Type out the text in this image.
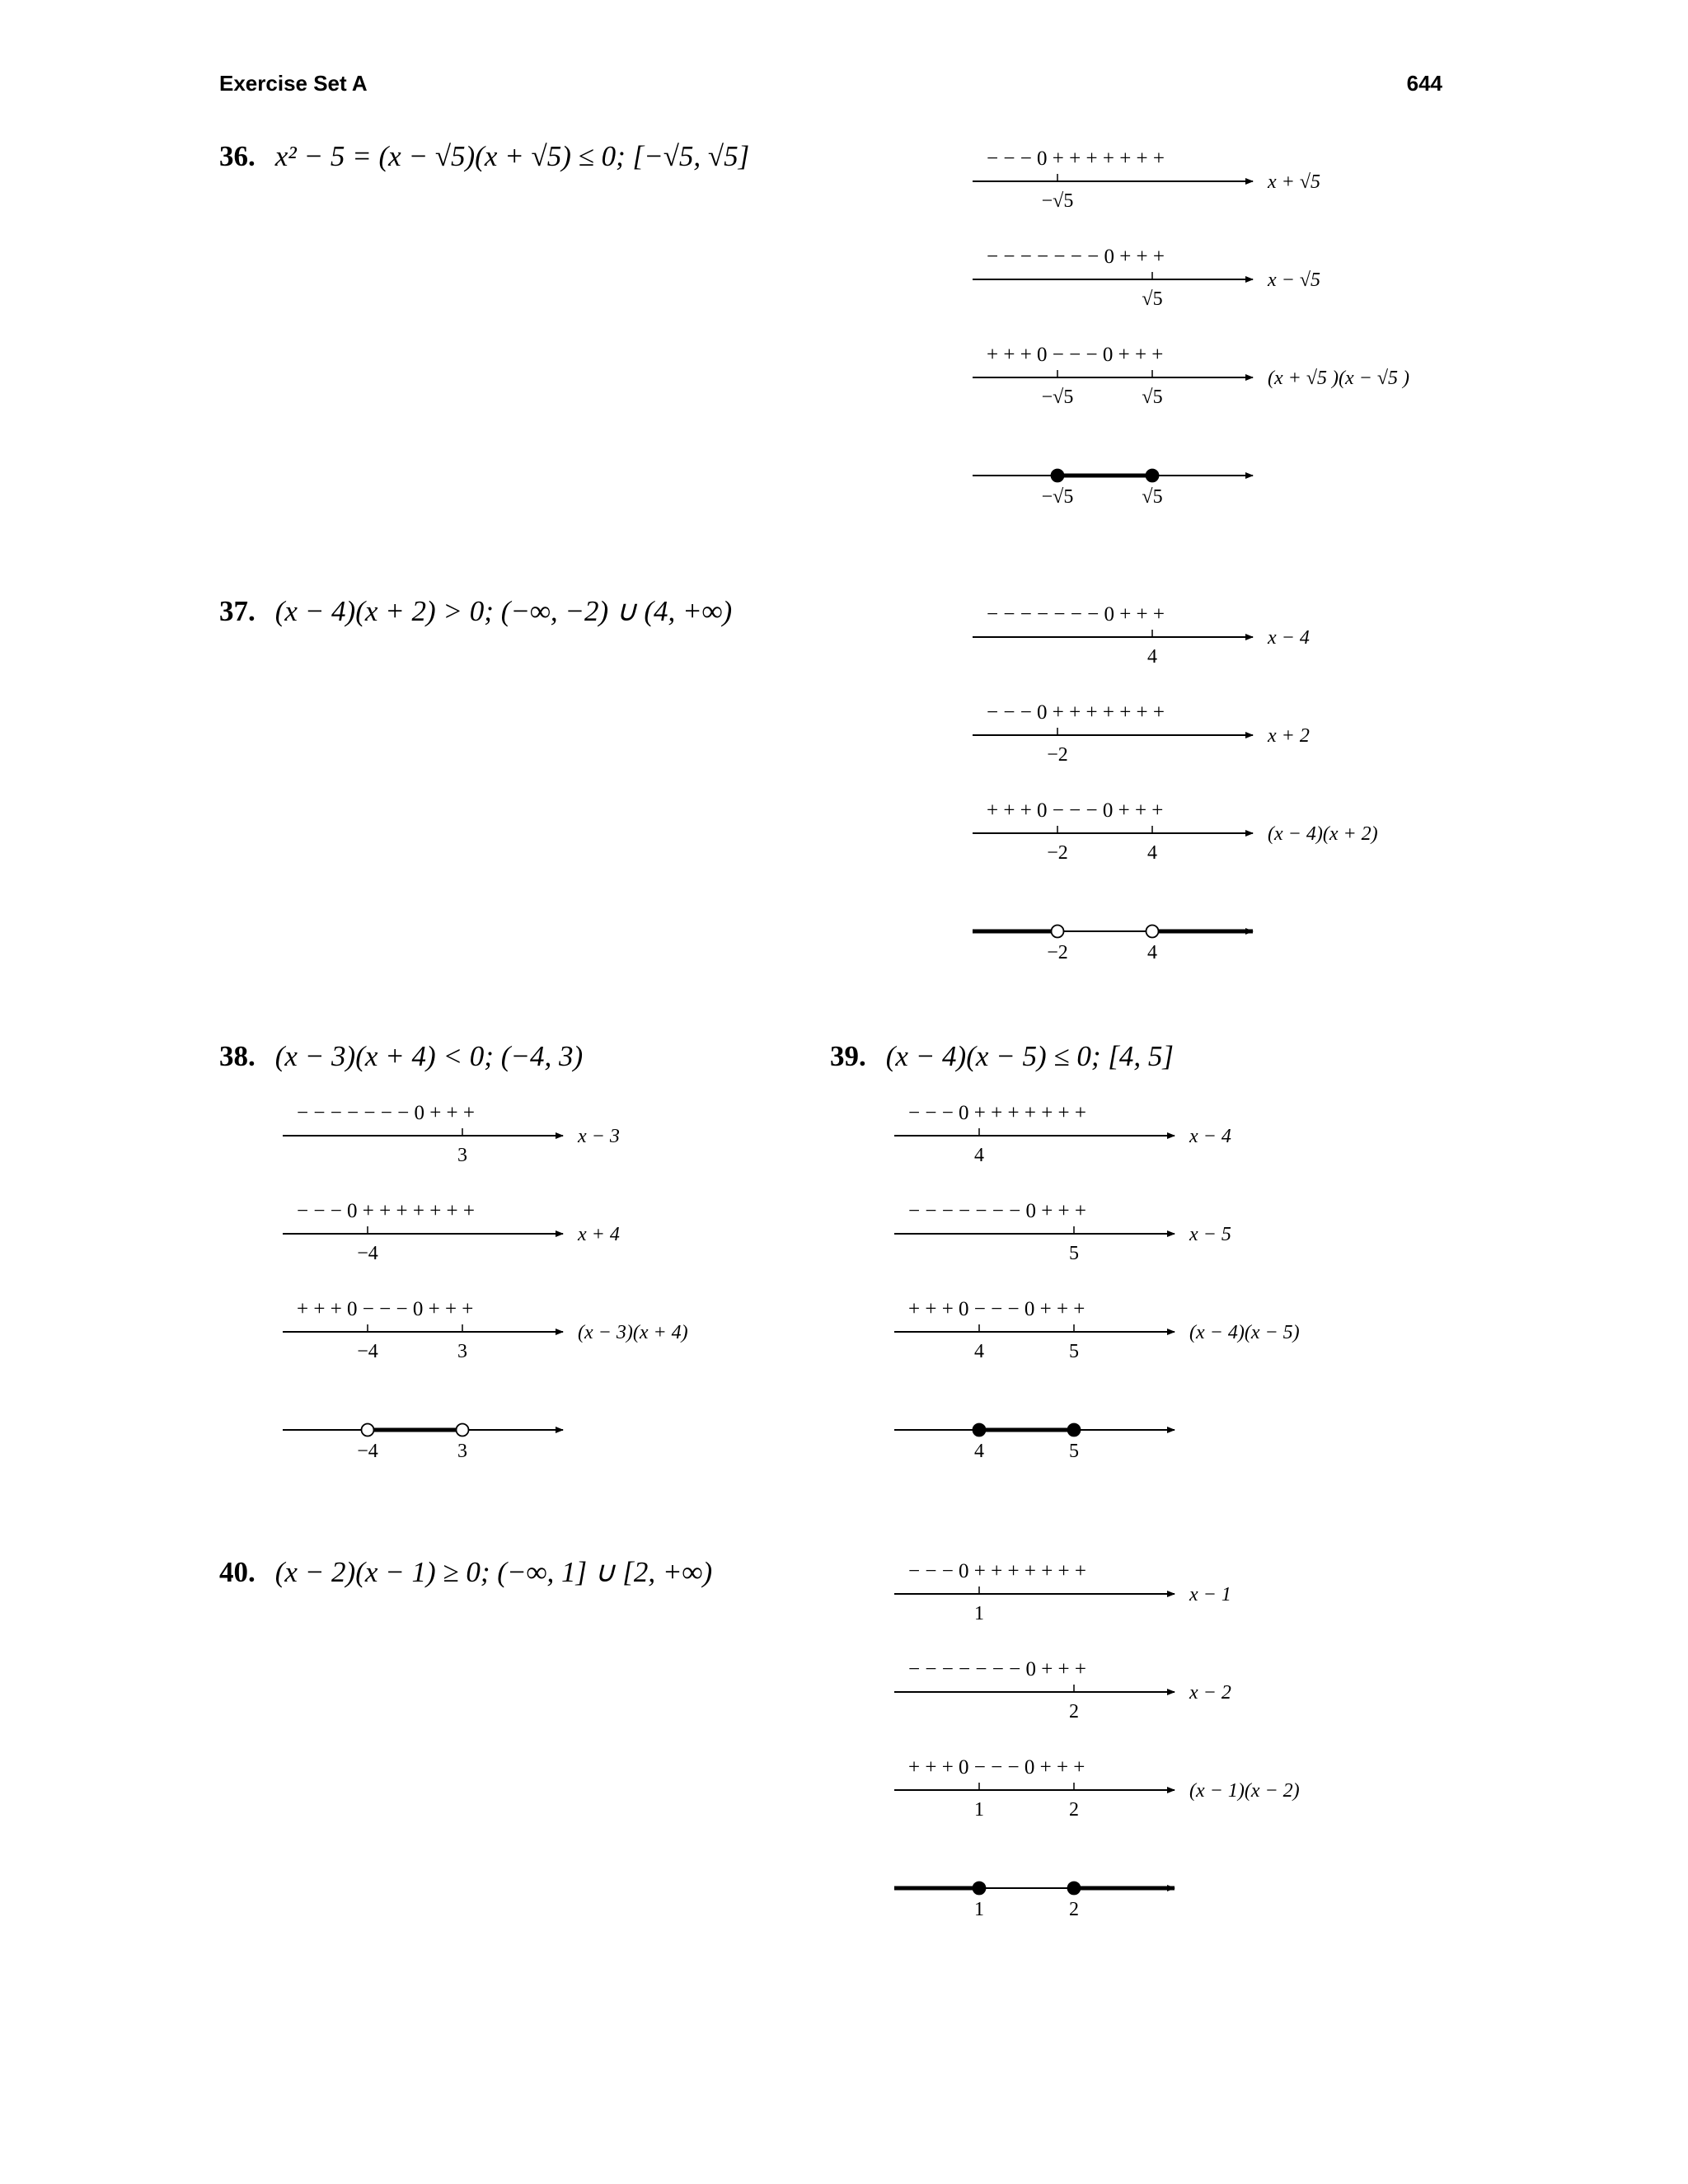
Exercise Set A	644
36. x² − 5 = (x − √5)(x + √5) ≤ 0; [−√5, √5]
37. (x − 4)(x + 2) > 0; (−∞, −2) ∪ (4, +∞)
38. (x − 3)(x + 4) < 0; (−4, 3)	39. (x − 4)(x − 5) ≤ 0; [4, 5]
40. (x − 2)(x − 1) ≥ 0; (−∞, 1] ∪ [2, +∞)
− − − 0 + + + + + + +
−√5
x + √5
− − − − − − − 0 + + +
√5
x − √5
+ + + 0 − − − 0 + + +
−√5	√5
(x + √5 )(x − √5 )
−√5	√5
− − − − − − − 0 + + +
4
x − 4
− − − 0 + + + + + + +
−2
x + 2
+ + + 0 − − − 0 + + +
−2	4
(x − 4)(x + 2)
−2	4
− − − − − − − 0 + + +
3
x − 3
− − − 0 + + + + + + +
−4
x + 4
+ + + 0 − − − 0 + + +
−4	3
(x − 3)(x + 4)
−4	3
− − − 0 + + + + + + +
4
x − 4
− − − − − − − 0 + + +
5
x − 5
+ + + 0 − − − 0 + + +
4	5
(x − 4)(x − 5)
4	5
− − − 0 + + + + + + +
1
x − 1
− − − − − − − 0 + + +
2
x − 2
+ + + 0 − − − 0 + + +
1	2
(x − 1)(x − 2)
1	2
